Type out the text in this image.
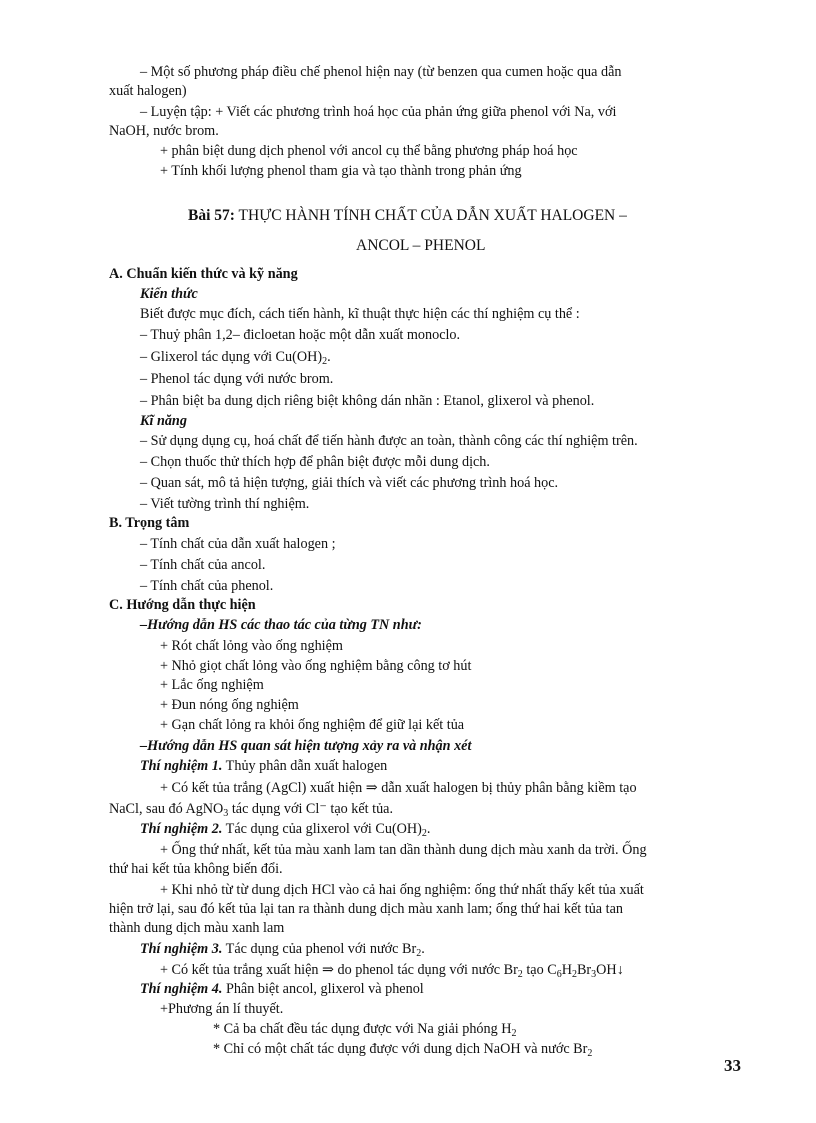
– Một số phương pháp điều chế phenol hiện nay (từ benzen qua cumen hoặc qua dẫn
xuất halogen)
– Luyện tập: + Viết các phương trình hoá học của phản ứng giữa phenol với Na, với
NaOH, nước brom.
+ phân biệt dung dịch phenol với ancol cụ thể bằng phương pháp hoá học
+ Tính khối lượng phenol tham gia và tạo thành trong phản ứng
Bài 57: THỰC HÀNH TÍNH CHẤT CỦA DẪN XUẤT HALOGEN –
ANCOL – PHENOL
A. Chuẩn kiến thức và kỹ năng
Kiến thức
Biết được mục đích, cách tiến hành, kĩ thuật thực hiện các thí nghiệm cụ thể :
– Thuỷ phân 1,2– đicloetan hoặc một dẫn xuất monoclo.
– Glixerol tác dụng với $Cu(OH)_2$.
– Phenol tác dụng với nước brom.
– Phân biệt ba dung dịch riêng biệt không dán nhãn : Etanol, glixerol và phenol.
Kĩ năng
– Sử dụng dụng cụ, hoá chất để tiến hành được an toàn, thành công các thí nghiệm trên.
– Chọn thuốc thử thích hợp để phân biệt được mỗi dung dịch.
– Quan sát, mô tả hiện tượng, giải thích và viết các phương trình hoá học.
– Viết tường trình thí nghiệm.
B. Trọng tâm
– Tính chất của dẫn xuất halogen ;
– Tính chất của ancol.
– Tính chất của phenol.
C. Hướng dẫn thực hiện
–Hướng dẫn HS các thao tác của từng TN như:
+ Rót chất lỏng vào ống nghiệm
+ Nhỏ giọt chất lỏng vào ống nghiệm bằng công tơ hút
+ Lắc ống nghiệm
+ Đun nóng ống nghiệm
+ Gạn chất lỏng ra khỏi ống nghiệm để giữ lại kết tủa
–Hướng dẫn HS quan sát hiện tượng xảy ra và nhận xét
Thí nghiệm 1. Thủy phân dẫn xuất halogen
+ Có kết tủa trắng (AgCl) xuất hiện ⇒ dẫn xuất halogen bị thủy phân bằng kiềm tạo
NaCl, sau đó AgNO$_3$ tác dụng với Cl⁻ tạo kết tủa.
Thí nghiệm 2. Tác dụng của glixerol với $Cu(OH)_2$.
+ Ống thứ nhất, kết tủa màu xanh lam tan dần thành dung dịch màu xanh da trời. Ống
thứ hai kết tủa không biến đổi.
+ Khi nhỏ từ từ dung dịch HCl vào cả hai ống nghiệm: ống thứ nhất thấy kết tủa xuất
hiện trở lại, sau đó kết tủa lại tan ra thành dung dịch màu xanh lam; ống thứ hai kết tủa tan
thành dung dịch màu xanh lam
Thí nghiệm 3. Tác dụng của phenol với nước $Br_2$.
+ Có kết tủa trắng xuất hiện ⇒ do phenol tác dụng với nước $Br_2$ tạo $C_6H_2Br_3OH↓$
Thí nghiệm 4. Phân biệt ancol, glixerol và phenol
+Phương án lí thuyết.
* Cả ba chất đều tác dụng được với Na giải phóng $H_2$
* Chỉ có một chất tác dụng được với dung dịch NaOH và nước $Br_2$
33
